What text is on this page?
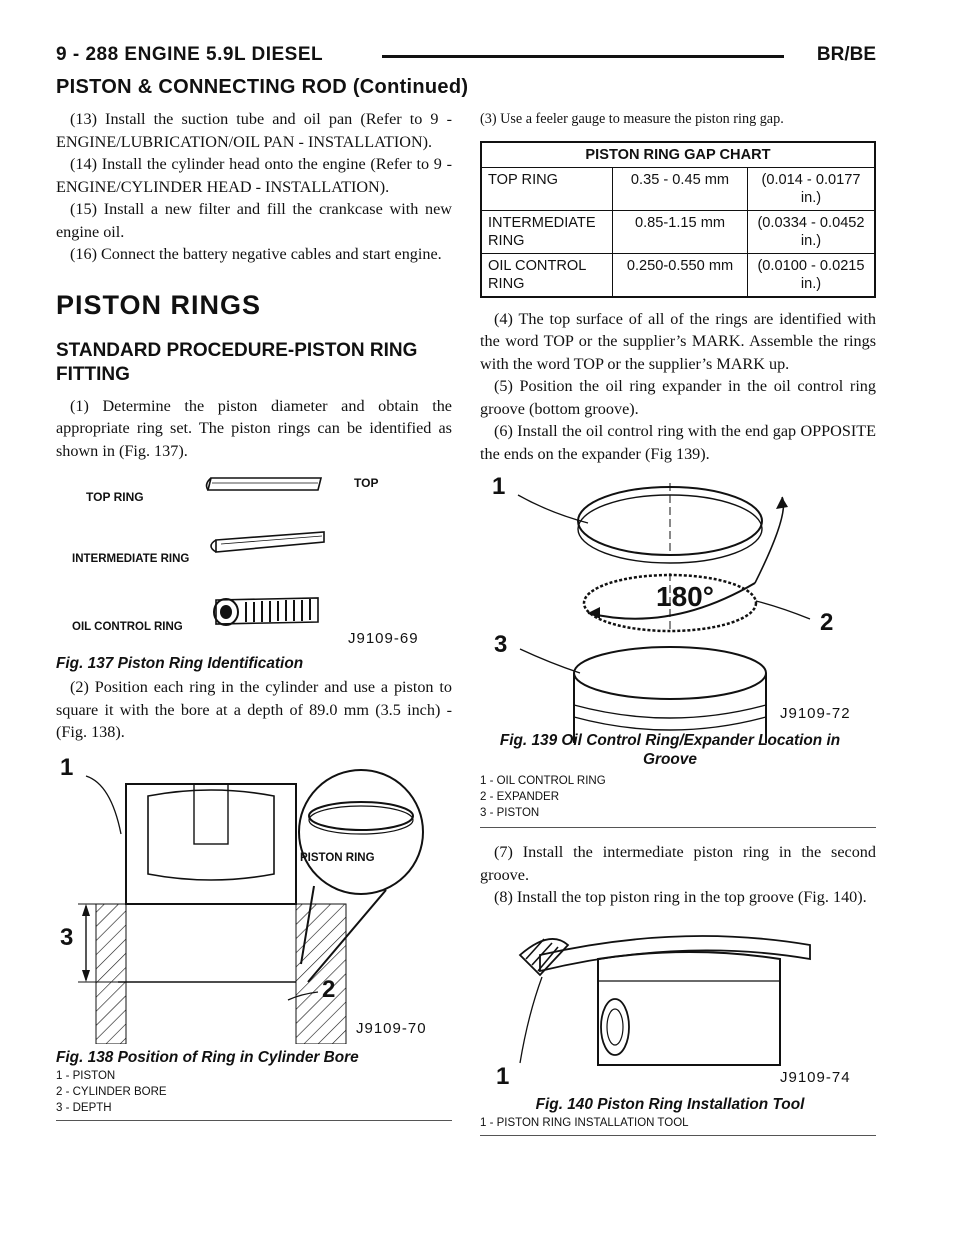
9 - 288 ENGINE 5.9L DIESEL	BR/BE
PISTON & CONNECTING ROD (Continued)

(13) Install the suction tube and oil pan (Refer to 9 - ENGINE/LUBRICATION/OIL PAN - INSTALLATION).

(14) Install the cylinder head onto the engine (Refer to 9 - ENGINE/CYLINDER HEAD - INSTALLATION).

(15) Install a new filter and fill the crankcase with new engine oil.

(16) Connect the battery negative cables and start engine.

PISTON RINGS
STANDARD PROCEDURE-PISTON RING FITTING

(1) Determine the piston diameter and obtain the appropriate ring set. The piston rings can be identified as shown in (Fig. 137).

TOP RING
INTERMEDIATE RING
OIL CONTROL RING
TOP
J9109-69
Fig. 137 Piston Ring Identification

(2) Position each ring in the cylinder and use a piston to square it with the bore at a depth of 89.0 mm (3.5 inch) - (Fig. 138).

1
2
3
PISTON RING
J9109-70
Fig. 138 Position of Ring in Cylinder Bore
1 - PISTON
2 - CYLINDER BORE
3 - DEPTH

(3) Use a feeler gauge to measure the piston ring gap.

PISTON RING GAP CHART		
TOP RING	0.35 - 0.45 mm	(0.014 - 0.0177 in.)
INTERMEDIATE RING	0.85-1.15 mm	(0.0334 - 0.0452 in.)
OIL CONTROL RING	0.250-0.550 mm	(0.0100 - 0.0215 in.)

(4) The top surface of all of the rings are identified with the word TOP or the supplier’s MARK. Assemble the rings with the word TOP or the supplier’s MARK up.

(5) Position the oil ring expander in the oil control ring groove (bottom groove).

(6) Install the oil control ring with the end gap OPPOSITE the ends on the expander (Fig 139).

1
2
3
180°
J9109-72
Fig. 139 Oil Control Ring/Expander Location in Groove
1 - OIL CONTROL RING
2 - EXPANDER
3 - PISTON

(7) Install the intermediate piston ring in the second groove.

(8) Install the top piston ring in the top groove (Fig. 140).

1	J9109-74
Fig. 140 Piston Ring Installation Tool
1 - PISTON RING INSTALLATION TOOL
